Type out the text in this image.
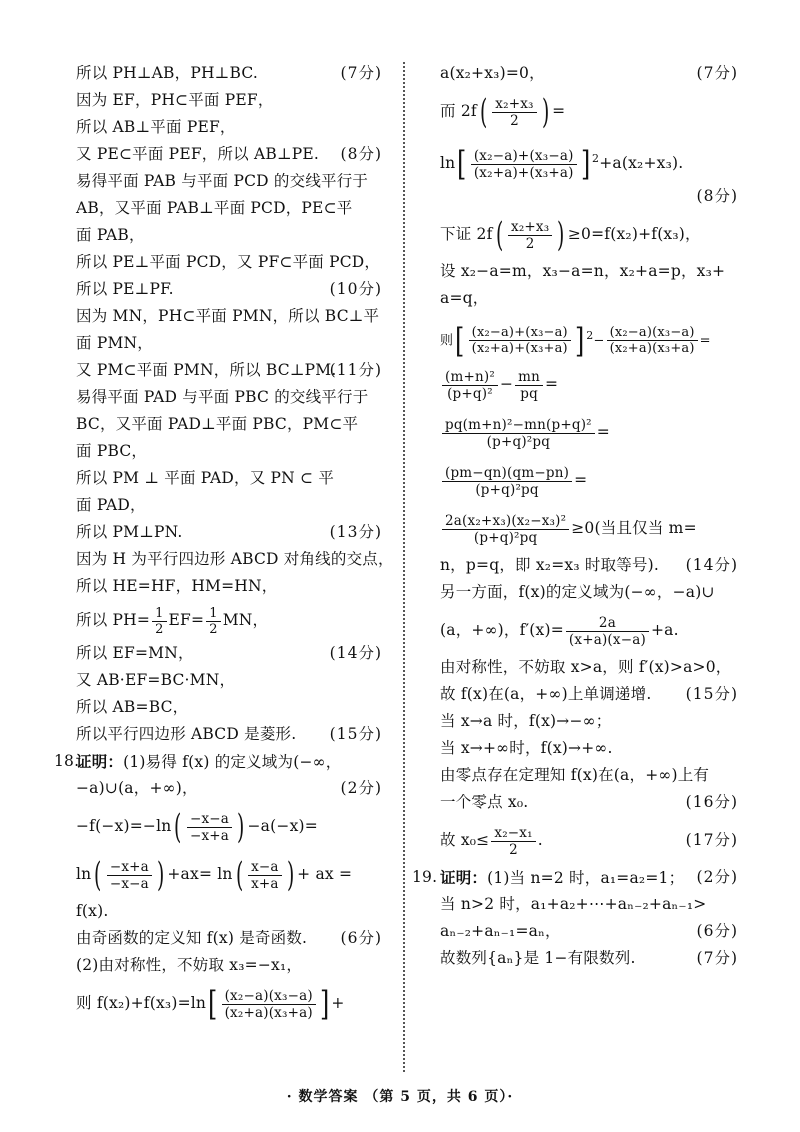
所以 PH⊥AB，PH⊥BC.	(7分)
因为 EF，PH⊂平面 PEF，
所以 AB⊥平面 PEF，
又 PE⊂平面 PEF，所以 AB⊥PE. (8分)
易得平面 PAB 与平面 PCD 的交线平行于
AB，又平面 PAB⊥平面 PCD，PE⊂平
面 PAB，
所以 PE⊥平面 PCD，又 PF⊂平面 PCD，
所以 PE⊥PF.	(10分)
因为 MN，PH⊂平面 PMN，所以 BC⊥平
面 PMN，
又 PM⊂平面 PMN，所以 BC⊥PM.
(11分)
易得平面 PAD 与平面 PBC 的交线平行于
BC，又平面 PAD⊥平面 PBC，PM⊂平
面 PBC，
所以 PM ⊥ 平面 PAD，又 PN ⊂ 平
面 PAD，
所以 PM⊥PN.	(13分)
因为 H 为平行四边形 ABCD 对角线的交点，
所以 HE=HF，HM=HN，
所以 $PH= \frac{1}{2} EF= \frac{1}{2}$ MN，
所以 EF=MN，	(14分)
又 AB·EF=BC·MN，
所以 AB=BC，
所以平行四边形 ABCD 是菱形. (15分)
18.
证明：(1)易得 f(x) 的定义域为(−∞，
−a)∪(a，+∞)，	(2分)
$-f(-x)=-\ln( \frac{-x-a}{-x+a}$ ) −a(−x)=
$\ln( \frac{-x+a}{-x-a}$ ) $+ax= \ln( \frac{x-a}{x+a}$ ) + ax =
f(x).
由奇函数的定义知 f(x) 是奇函数. (6分)
(2)由对称性，不妨取 x₃=−x₁，
则 $f(x_2)+f(x_3)=\ln[ \frac{\text{(x₂−a)(x₃−a)}}{\text{(x₂+a)(x₃+a)}}$ ] +
a(x₂+x₃)=0，	(7分)
而 $2f( \frac{\text{x₂+x₃}}{2}$ ) =
$\ln[ \frac{\text{(x₂−a)+(x₃−a)}}{\text{(x₂+a)+(x₃+a)}}$ ] $^2$+a(x₂+x₃).
(8分)
下证 $2f( \frac{\text{x₂+x₃}}{2}$ ) ≥0=f(x₂)+f(x₃)，
设 x₂−a=m，x₃−a=n，x₂+a=p，x₃+
a=q，
则[ $\frac{\text{(x₂−a)+(x₃−a)}}{\text{(x₂+a)+(x₃+a)}}$ ] $^2- \frac{\text{(x₂−a)(x₃−a)}}{\text{(x₂+a)(x₃+a)}}$ =
$\frac{\text{(m+n)²}}{\text{(p+q)²}} - \frac{mn}{pq}$ =
$\frac{\text{pq(m+n)²−mn(p+q)²}}{\text{(p+q)²pq}}$ =
$\frac{(pm-qn)(qm-pn)}{\text{(p+q)²pq}}$ =
$\frac{\text{2a(x₂+x₃)(x₂−x₃)²}}{\text{(p+q)²pq}} \ge 0$(当且仅当 m=
n，p=q，即 x₂=x₃ 时取等号). (14分)
另一方面，f(x)的定义域为(−∞，−a)∪
(a，+∞)，$f'(x)= \frac{2a}{(x+a)(x-a)} +a$.
由对称性，不妨取 x>a，则 f′(x)>a>0，
故 f(x)在(a，+∞)上单调递增. (15分)
当 x→a 时，f(x)→−∞；
当 x→+∞时，f(x)→+∞.
由零点存在定理知 f(x)在(a，+∞)上有
一个零点 x₀.	(16分)
故 $x_0\le \frac{\text{x₂−x₁}}{2}$ .	(17分)
19. 证明：(1)当 n=2 时，a₁=a₂=1； (2分)
当 n>2 时，a₁+a₂+⋯+aₙ₋₂+aₙ₋₁>
aₙ₋₂+aₙ₋₁=aₙ，	(6分)
故数列{aₙ}是 1−有限数列.	(7分)
· 数学答案 （第 5 页，共 6 页）·
